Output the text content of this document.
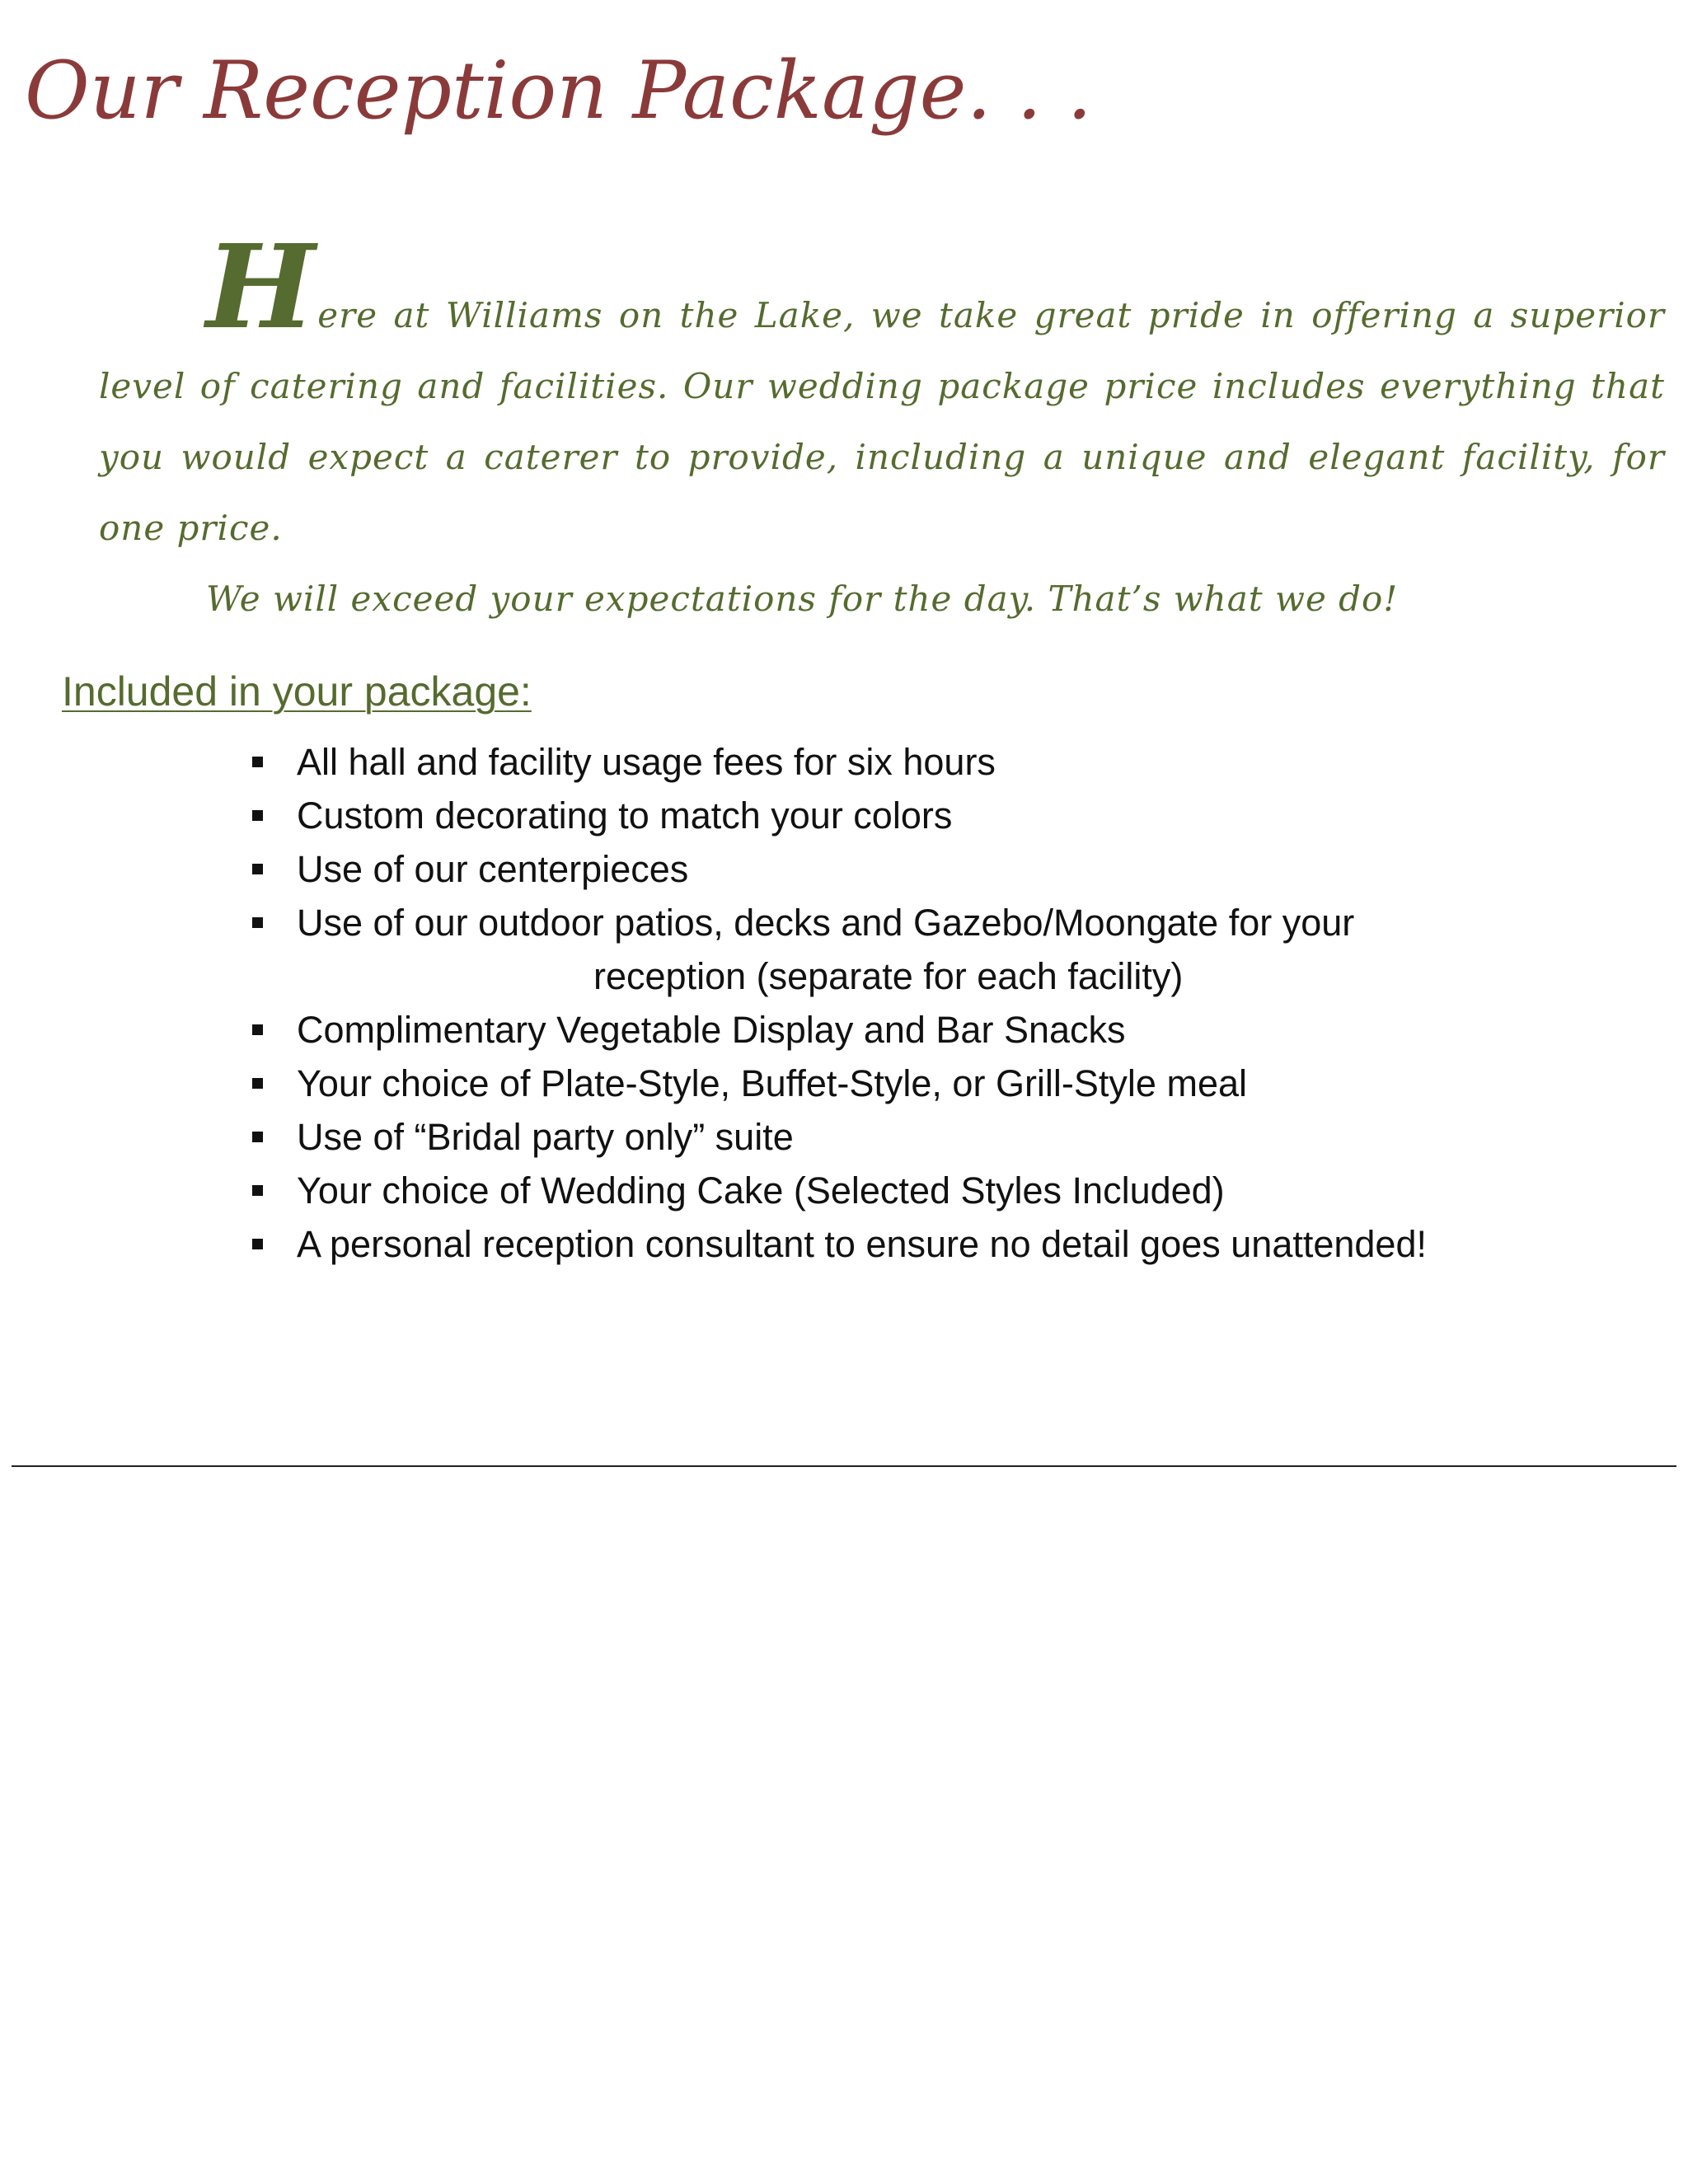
Our Reception Package. . .

Here at Williams on the Lake, we take great pride in offering a superior level of catering and facilities. Our wedding package price includes everything that you would expect a caterer to provide, including a unique and elegant facility, for one price.

We will exceed your expectations for the day. That’s what we do!

Included in your package:
All hall and facility usage fees for six hours
Custom decorating to match your colors
Use of our centerpieces
Use of our outdoor patios, decks and Gazebo/Moongate for your
reception (separate for each facility)
Complimentary Vegetable Display and Bar Snacks
Your choice of Plate-Style, Buffet-Style, or Grill-Style meal
Use of “Bridal party only” suite
Your choice of Wedding Cake (Selected Styles Included)
A personal reception consultant to ensure no detail goes unattended!
